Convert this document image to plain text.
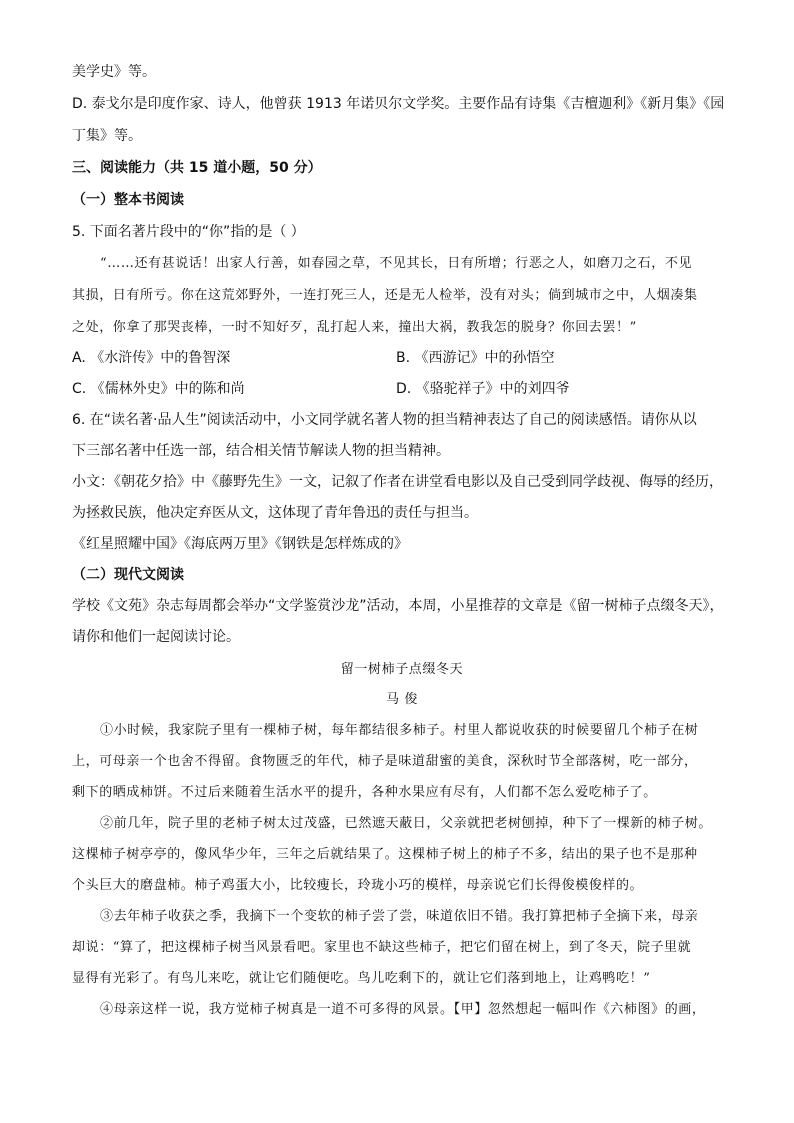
美学史》等。
D. 泰戈尔是印度作家、诗人，他曾获 1913 年诺贝尔文学奖。主要作品有诗集《吉檀迦利》《新月集》《园
丁集》等。
三、阅读能力（共 15 道小题，50 分）
（一）整本书阅读
5. 下面名著片段中的“你”指的是（ ）
“……还有甚说话！出家人行善，如春园之草，不见其长，日有所增；行恶之人，如磨刀之石，不见
其损，日有所亏。你在这荒郊野外，一连打死三人，还是无人检举，没有对头；倘到城市之中，人烟凑集
之处，你拿了那哭丧棒，一时不知好歹，乱打起人来，撞出大祸，教我怎的脱身？你回去罢！”
A. 《水浒传》中的鲁智深	B. 《西游记》中的孙悟空
C. 《儒林外史》中的陈和尚	D. 《骆驼祥子》中的刘四爷
6. 在“读名著·品人生”阅读活动中，小文同学就名著人物的担当精神表达了自己的阅读感悟。请你从以
下三部名著中任选一部，结合相关情节解读人物的担当精神。
小文：《朝花夕拾》中《藤野先生》一文，记叙了作者在讲堂看电影以及自己受到同学歧视、侮辱的经历，
为拯救民族，他决定弃医从文，这体现了青年鲁迅的责任与担当。
《红星照耀中国》《海底两万里》《钢铁是怎样炼成的》
（二）现代文阅读
学校《文苑》杂志每周都会举办“文学鉴赏沙龙”活动，本周，小星推荐的文章是《留一树柿子点缀冬天》，
请你和他们一起阅读讨论。
留一树柿子点缀冬天
马 俊
①小时候，我家院子里有一棵柿子树，每年都结很多柿子。村里人都说收获的时候要留几个柿子在树
上，可母亲一个也舍不得留。食物匮乏的年代，柿子是味道甜蜜的美食，深秋时节全部落树，吃一部分，
剩下的晒成柿饼。不过后来随着生活水平的提升，各种水果应有尽有，人们都不怎么爱吃柿子了。
②前几年，院子里的老柿子树太过茂盛，已然遮天蔽日，父亲就把老树刨掉，种下了一棵新的柿子树。
这棵柿子树亭亭的，像风华少年，三年之后就结果了。这棵柿子树上的柿子不多，结出的果子也不是那种
个头巨大的磨盘柿。柿子鸡蛋大小，比较瘦长，玲珑小巧的模样，母亲说它们长得俊模俊样的。
③去年柿子收获之季，我摘下一个变软的柿子尝了尝，味道依旧不错。我打算把柿子全摘下来，母亲
却说：“算了，把这棵柿子树当风景看吧。家里也不缺这些柿子，把它们留在树上，到了冬天，院子里就
显得有光彩了。有鸟儿来吃，就让它们随便吃。鸟儿吃剩下的，就让它们落到地上，让鸡鸭吃！”
④母亲这样一说，我方觉柿子树真是一道不可多得的风景。【甲】忽然想起一幅叫作《六柿图》的画，
